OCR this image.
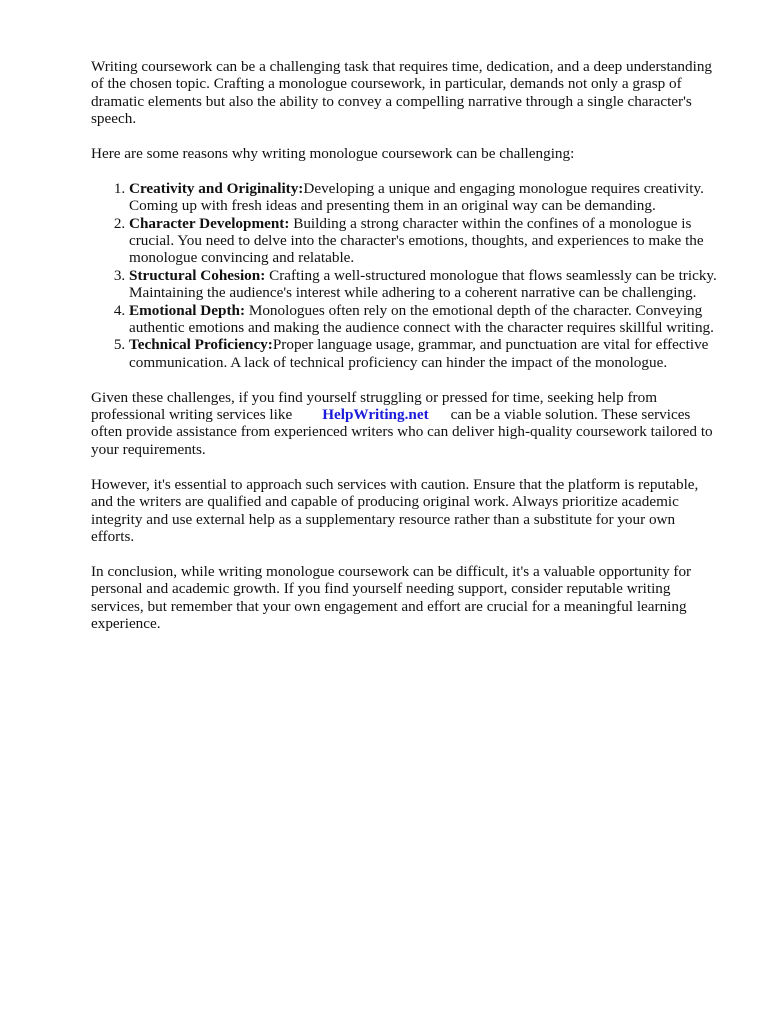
Writing coursework can be a challenging task that requires time, dedication, and a deep understanding of the chosen topic. Crafting a monologue coursework, in particular, demands not only a grasp of dramatic elements but also the ability to convey a compelling narrative through a single character's speech.

Here are some reasons why writing monologue coursework can be challenging:

1. Creativity and Originality:Developing a unique and engaging monologue requires creativity. Coming up with fresh ideas and presenting them in an original way can be demanding.
2. Character Development: Building a strong character within the confines of a monologue is crucial. You need to delve into the character's emotions, thoughts, and experiences to make the monologue convincing and relatable.
3. Structural Cohesion: Crafting a well-structured monologue that flows seamlessly can be tricky. Maintaining the audience's interest while adhering to a coherent narrative can be challenging.
4. Emotional Depth: Monologues often rely on the emotional depth of the character. Conveying authentic emotions and making the audience connect with the character requires skillful writing.
5. Technical Proficiency:Proper language usage, grammar, and punctuation are vital for effective communication. A lack of technical proficiency can hinder the impact of the monologue.

Given these challenges, if you find yourself struggling or pressed for time, seeking help from professional writing services like HelpWriting.net can be a viable solution. These services often provide assistance from experienced writers who can deliver high-quality coursework tailored to your requirements.

However, it's essential to approach such services with caution. Ensure that the platform is reputable, and the writers are qualified and capable of producing original work. Always prioritize academic integrity and use external help as a supplementary resource rather than a substitute for your own efforts.

In conclusion, while writing monologue coursework can be difficult, it's a valuable opportunity for personal and academic growth. If you find yourself needing support, consider reputable writing services, but remember that your own engagement and effort are crucial for a meaningful learning experience.
